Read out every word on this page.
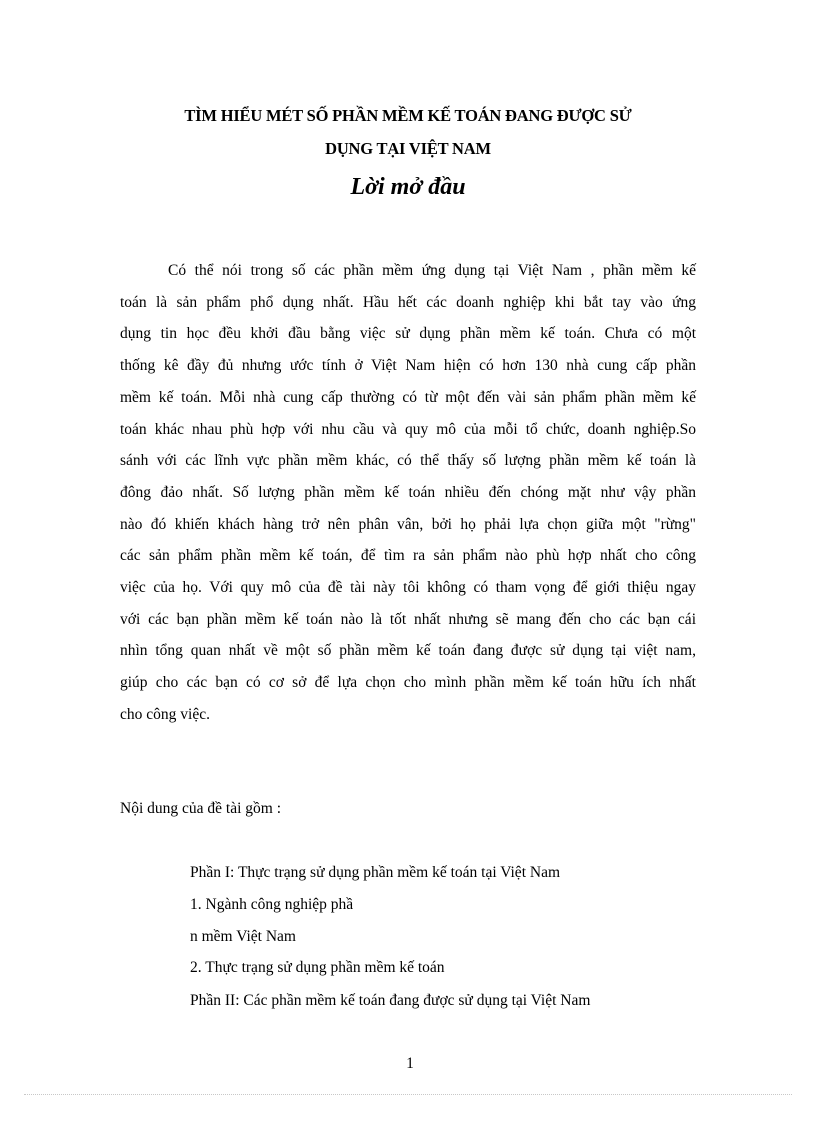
TÌM HIỂU MÉT SỐ PHẦN MỀM KẾ TOÁN ĐANG ĐƯỢC SỬ
DỤNG TẠI VIỆT NAM
Lời mở đầu
Có thể nói trong số các phần mềm ứng dụng tại Việt Nam , phần mềm kế
toán là sản phẩm phổ dụng nhất. Hầu hết các doanh nghiệp khi bắt tay vào ứng
dụng tin học đều khởi đầu bằng việc sử dụng phần mềm kế toán. Chưa có một
thống kê đầy đủ nhưng ước tính ở Việt Nam hiện có hơn 130 nhà cung cấp phần
mềm kế toán. Mỗi nhà cung cấp thường có từ một đến vài sản phẩm phần mềm kế
toán khác nhau phù hợp với nhu cầu và quy mô của mỗi tổ chức, doanh nghiệp.So
sánh với các lĩnh vực phần mềm khác, có thể thấy số lượng phần mềm kế toán là
đông đảo nhất. Số lượng phần mềm kế toán nhiều đến chóng mặt như vậy phần
nào đó khiến khách hàng trở nên phân vân, bởi họ phải lựa chọn giữa một "rừng"
các sản phẩm phần mềm kế toán, để tìm ra sản phẩm nào phù hợp nhất cho công
việc của họ. Với quy mô của đề tài này tôi không có tham vọng để giới thiệu ngay
với các bạn phần mềm kế toán nào là tốt nhất nhưng sẽ mang đến cho các bạn cái
nhìn tổng quan nhất về một số phần mềm kế toán đang được sử dụng tại việt nam,
giúp cho các bạn có cơ sở để lựa chọn cho mình phần mềm kế toán hữu ích nhất
cho công việc.
Nội dung của đề tài gồm :
Phần I: Thực trạng sử dụng phần mềm kế toán tại Việt Nam
1. Ngành công nghiệp phầ
n mềm Việt Nam
2. Thực trạng sử dụng phần mềm kế toán
Phần II: Các phần mềm kế toán đang được sử dụng tại Việt Nam
1
